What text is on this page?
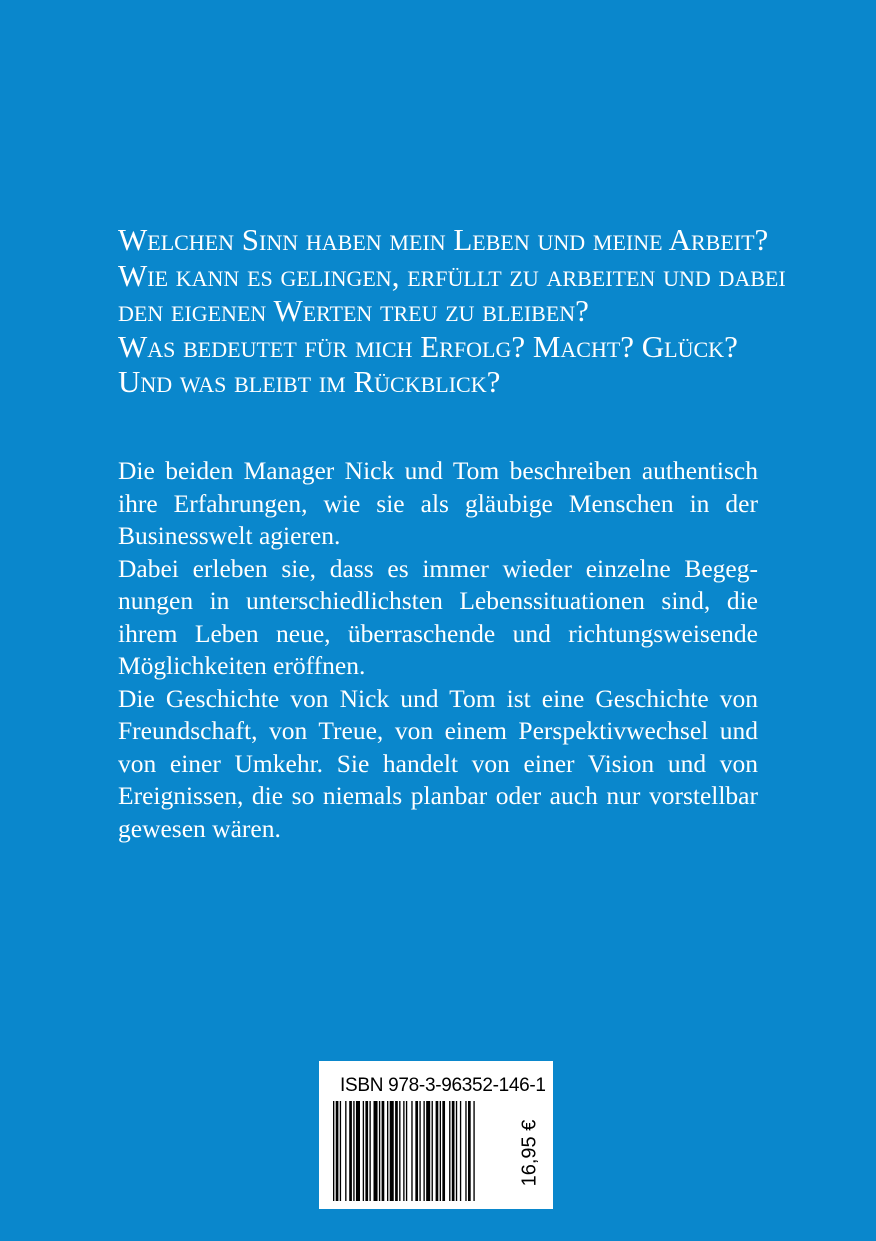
Welchen Sinn haben mein Leben und meine Arbeit?

Wie kann es gelingen, erfüllt zu arbeiten und dabei

den eigenen Werten treu zu bleiben?

Was bedeutet für mich Erfolg? Macht? Glück?

Und was bleibt im Rückblick?

Die beiden Manager Nick und Tom beschreiben authentisch ihre Erfahrungen, wie sie als gläubige Menschen in der Businesswelt agieren.

Dabei erleben sie, dass es immer wieder einzelne Begegnungen in unterschiedlichsten Lebenssituationen sind, die ihrem Leben neue, überraschende und richtungsweisende Möglichkeiten eröffnen.

Die Geschichte von Nick und Tom ist eine Geschichte von Freundschaft, von Treue, von einem Perspektivwechsel und von einer Umkehr. Sie handelt von einer Vision und von Ereignissen, die so niemals planbar oder auch nur vorstellbar gewesen wären.

ISBN 978-3-96352-146-1
16,95 €
